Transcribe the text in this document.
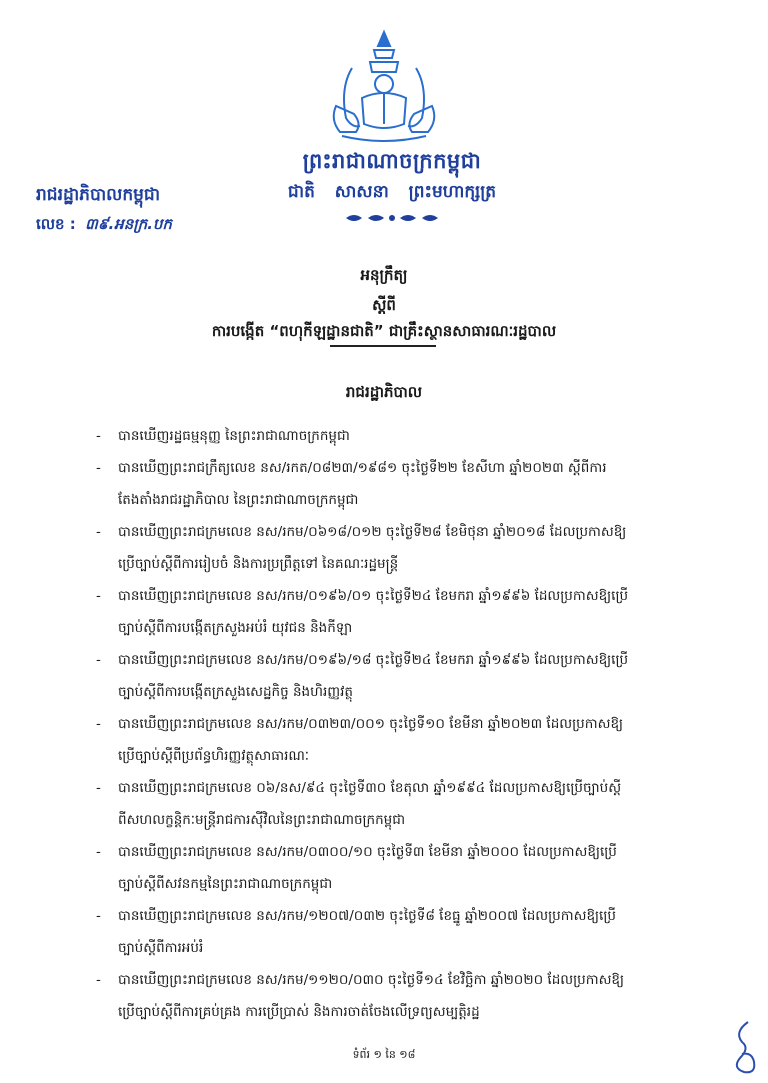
ព្រះរាជាណាចក្រកម្ពុជា
ជាតិ សាសនា ព្រះមហាក្សត្រ
រាជរដ្ឋាភិបាលកម្ពុជា
លេខ : ៣៩.អនក្រ.បក
អនុក្រឹត្យ
ស្តីពី
ការបង្កើត “ពហុកីឡដ្ឋានជាតិ” ជាគ្រឹះស្ថានសាធារណៈរដ្ឋបាល
រាជរដ្ឋាភិបាល
- បានឃើញរដ្ឋធម្មនុញ្ញ នៃព្រះរាជាណាចក្រកម្ពុជា
- បានឃើញព្រះរាជក្រឹត្យលេខ នស/រកត/០៨២៣/១៩៨១ ចុះថ្ងៃទី២២ ខែសីហា ឆ្នាំ២០២៣ ស្តីពីការ
តែងតាំងរាជរដ្ឋាភិបាល នៃព្រះរាជាណាចក្រកម្ពុជា
- បានឃើញព្រះរាជក្រមលេខ នស/រកម/០៦១៨/០១២ ចុះថ្ងៃទី២៨ ខែមិថុនា ឆ្នាំ២០១៨ ដែលប្រកាសឱ្យ
ប្រើច្បាប់ស្តីពីការរៀបចំ និងការប្រព្រឹត្តទៅ នៃគណៈរដ្ឋមន្ត្រី
- បានឃើញព្រះរាជក្រមលេខ នស/រកម/០១៩៦/០១ ចុះថ្ងៃទី២៤ ខែមករា ឆ្នាំ១៩៩៦ ដែលប្រកាសឱ្យប្រើ
ច្បាប់ស្តីពីការបង្កើតក្រសួងអប់រំ យុវជន និងកីឡា
- បានឃើញព្រះរាជក្រមលេខ នស/រកម/០១៩៦/១៨ ចុះថ្ងៃទី២៤ ខែមករា ឆ្នាំ១៩៩៦ ដែលប្រកាសឱ្យប្រើ
ច្បាប់ស្តីពីការបង្កើតក្រសួងសេដ្ឋកិច្ច និងហិរញ្ញវត្ថុ
- បានឃើញព្រះរាជក្រមលេខ នស/រកម/០៣២៣/០០១ ចុះថ្ងៃទី១០ ខែមីនា ឆ្នាំ២០២៣ ដែលប្រកាសឱ្យ
ប្រើច្បាប់ស្តីពីប្រព័ន្ធហិរញ្ញវត្ថុសាធារណៈ
- បានឃើញព្រះរាជក្រមលេខ ០៦/នស/៩៤ ចុះថ្ងៃទី៣០ ខែតុលា ឆ្នាំ១៩៩៤ ដែលប្រកាសឱ្យប្រើច្បាប់ស្តី
ពីសហលក្ខន្តិកៈមន្ត្រីរាជការស៊ីវិលនៃព្រះរាជាណាចក្រកម្ពុជា
- បានឃើញព្រះរាជក្រមលេខ នស/រកម/០៣០០/១០ ចុះថ្ងៃទី៣ ខែមីនា ឆ្នាំ២០០០ ដែលប្រកាសឱ្យប្រើ
ច្បាប់ស្តីពីសវនកម្មនៃព្រះរាជាណាចក្រកម្ពុជា
- បានឃើញព្រះរាជក្រមលេខ នស/រកម/១២០៧/០៣២ ចុះថ្ងៃទី៨ ខែធ្នូ ឆ្នាំ២០០៧ ដែលប្រកាសឱ្យប្រើ
ច្បាប់ស្តីពីការអប់រំ
- បានឃើញព្រះរាជក្រមលេខ នស/រកម/១១២០/០៣០ ចុះថ្ងៃទី១៤ ខែវិច្ឆិកា ឆ្នាំ២០២០ ដែលប្រកាសឱ្យ
ប្រើច្បាប់ស្តីពីការគ្រប់គ្រង ការប្រើប្រាស់ និងការចាត់ចែងលើទ្រព្យសម្បត្តិរដ្ឋ
ទំព័រ ១ នៃ ១៨
